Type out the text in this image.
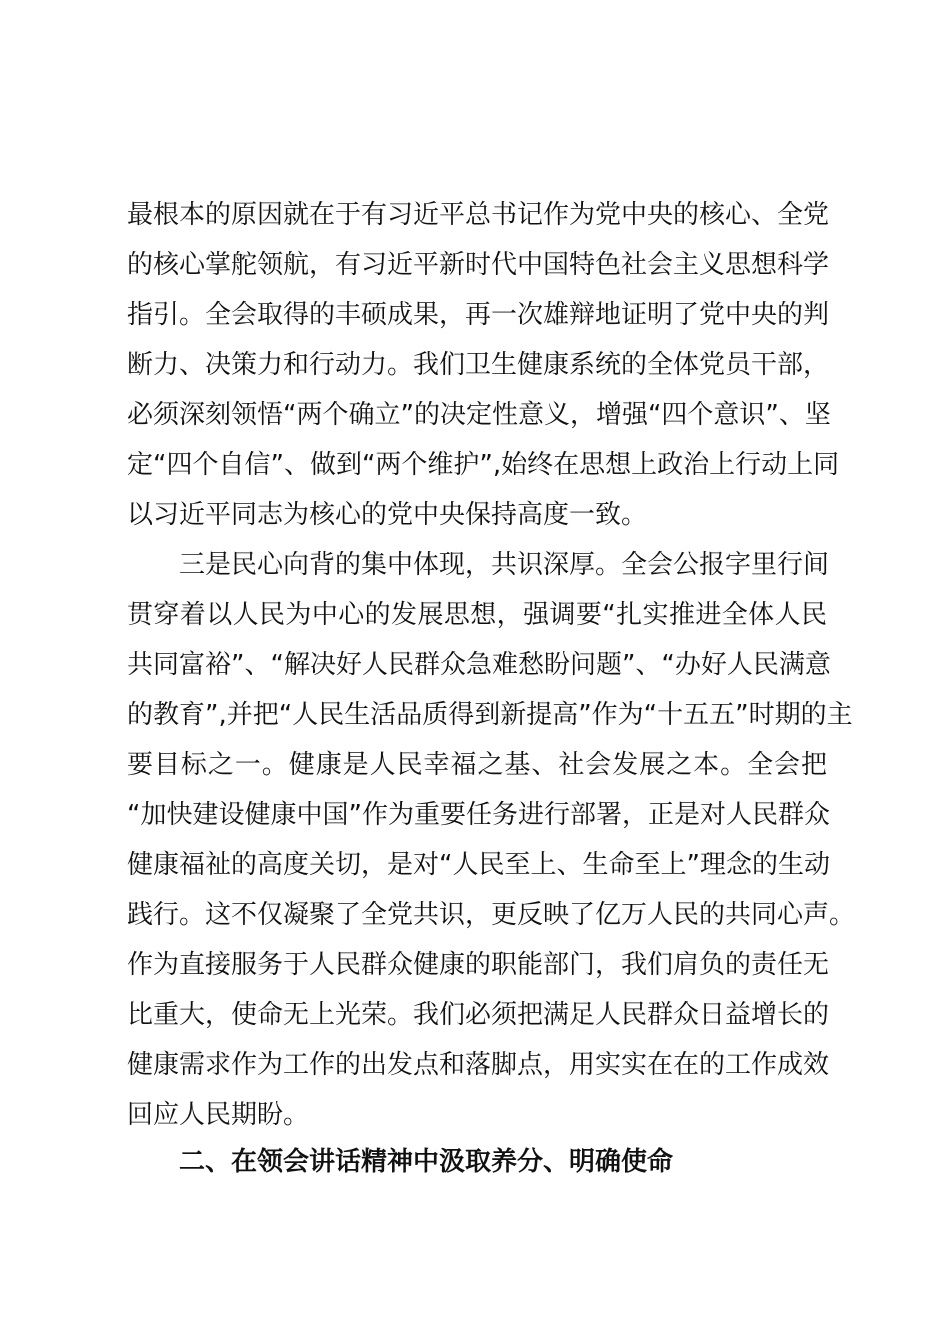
最根本的原因就在于有习近平总书记作为党中央的核心、全党
的核心掌舵领航，有习近平新时代中国特色社会主义思想科学
指引。全会取得的丰硕成果，再一次雄辩地证明了党中央的判
断力、决策力和行动力。我们卫生健康系统的全体党员干部，
必须深刻领悟“两个确立”的决定性意义，增强“四个意识”、坚
定“四个自信”、做到“两个维护”,始终在思想上政治上行动上同
以习近平同志为核心的党中央保持高度一致。
三是民心向背的集中体现，共识深厚。全会公报字里行间
贯穿着以人民为中心的发展思想，强调要“扎实推进全体人民
共同富裕”、“解决好人民群众急难愁盼问题”、“办好人民满意
的教育”,并把“人民生活品质得到新提高”作为“十五五”时期的主
要目标之一。健康是人民幸福之基、社会发展之本。全会把
“加快建设健康中国”作为重要任务进行部署，正是对人民群众
健康福祉的高度关切，是对“人民至上、生命至上”理念的生动
践行。这不仅凝聚了全党共识，更反映了亿万人民的共同心声。
作为直接服务于人民群众健康的职能部门，我们肩负的责任无
比重大，使命无上光荣。我们必须把满足人民群众日益增长的
健康需求作为工作的出发点和落脚点，用实实在在的工作成效
回应人民期盼。
二、在领会讲话精神中汲取养分、明确使命
